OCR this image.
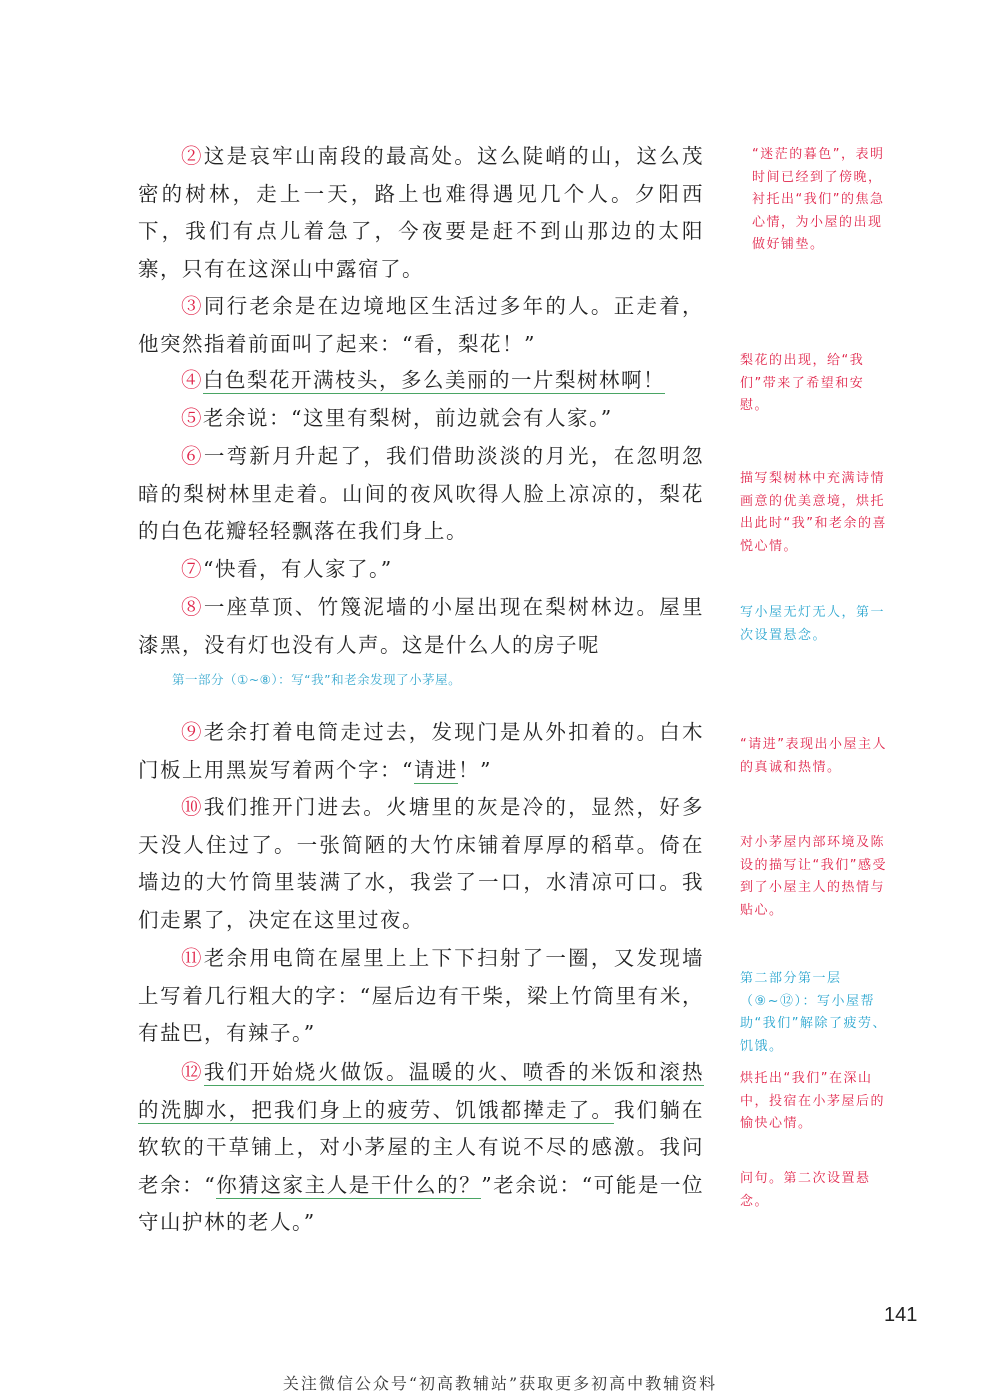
②这是哀牢山南段的最高处。这么陡峭的山，这么茂密的树林，走上一天，路上也难得遇见几个人。夕阳西下，我们有点儿着急了，今夜要是赶不到山那边的太阳寨，只有在这深山中露宿了。

③同行老余是在边境地区生活过多年的人。正走着，他突然指着前面叫了起来：“看，梨花！”

④白色梨花开满枝头，多么美丽的一片梨树林啊！

⑤老余说：“这里有梨树，前边就会有人家。”

⑥一弯新月升起了，我们借助淡淡的月光，在忽明忽暗的梨树林里走着。山间的夜风吹得人脸上凉凉的，梨花的白色花瓣轻轻飘落在我们身上。

⑦“快看，有人家了。”

⑧一座草顶、竹篾泥墙的小屋出现在梨树林边。屋里漆黑，没有灯也没有人声。这是什么人的房子呢

第一部分（①~⑧）：写“我”和老余发现了小茅屋。

⑨老余打着电筒走过去，发现门是从外扣着的。白木门板上用黑炭写着两个字：“请进！”

⑩我们推开门进去。火塘里的灰是冷的，显然，好多天没人住过了。一张简陋的大竹床铺着厚厚的稻草。倚在墙边的大竹筒里装满了水，我尝了一口，水清凉可口。我们走累了，决定在这里过夜。

⑪老余用电筒在屋里上上下下扫射了一圈，又发现墙上写着几行粗大的字：“屋后边有干柴，梁上竹筒里有米，有盐巴，有辣子。”

⑫我们开始烧火做饭。温暖的火、喷香的米饭和滚热的洗脚水，把我们身上的疲劳、饥饿都撵走了。我们躺在软软的干草铺上，对小茅屋的主人有说不尽的感激。我问老余：“你猜这家主人是干什么的？”老余说：“可能是一位守山护林的老人。”

“迷茫的暮色”，表明时间已经到了傍晚，衬托出“我们”的焦急心情，为小屋的出现做好铺垫。
梨花的出现，给“我们”带来了希望和安慰。
描写梨树林中充满诗情画意的优美意境，烘托出此时“我”和老余的喜悦心情。
写小屋无灯无人，第一次设置悬念。
“请进”表现出小屋主人的真诚和热情。
对小茅屋内部环境及陈设的描写让“我们”感受到了小屋主人的热情与贴心。
第二部分第一层（⑨~⑫）：写小屋帮助“我们”解除了疲劳、饥饿。
烘托出“我们”在深山中，投宿在小茅屋后的愉快心情。
问句。第二次设置悬念。
141
关注微信公众号“初高教辅站”获取更多初高中教辅资料
